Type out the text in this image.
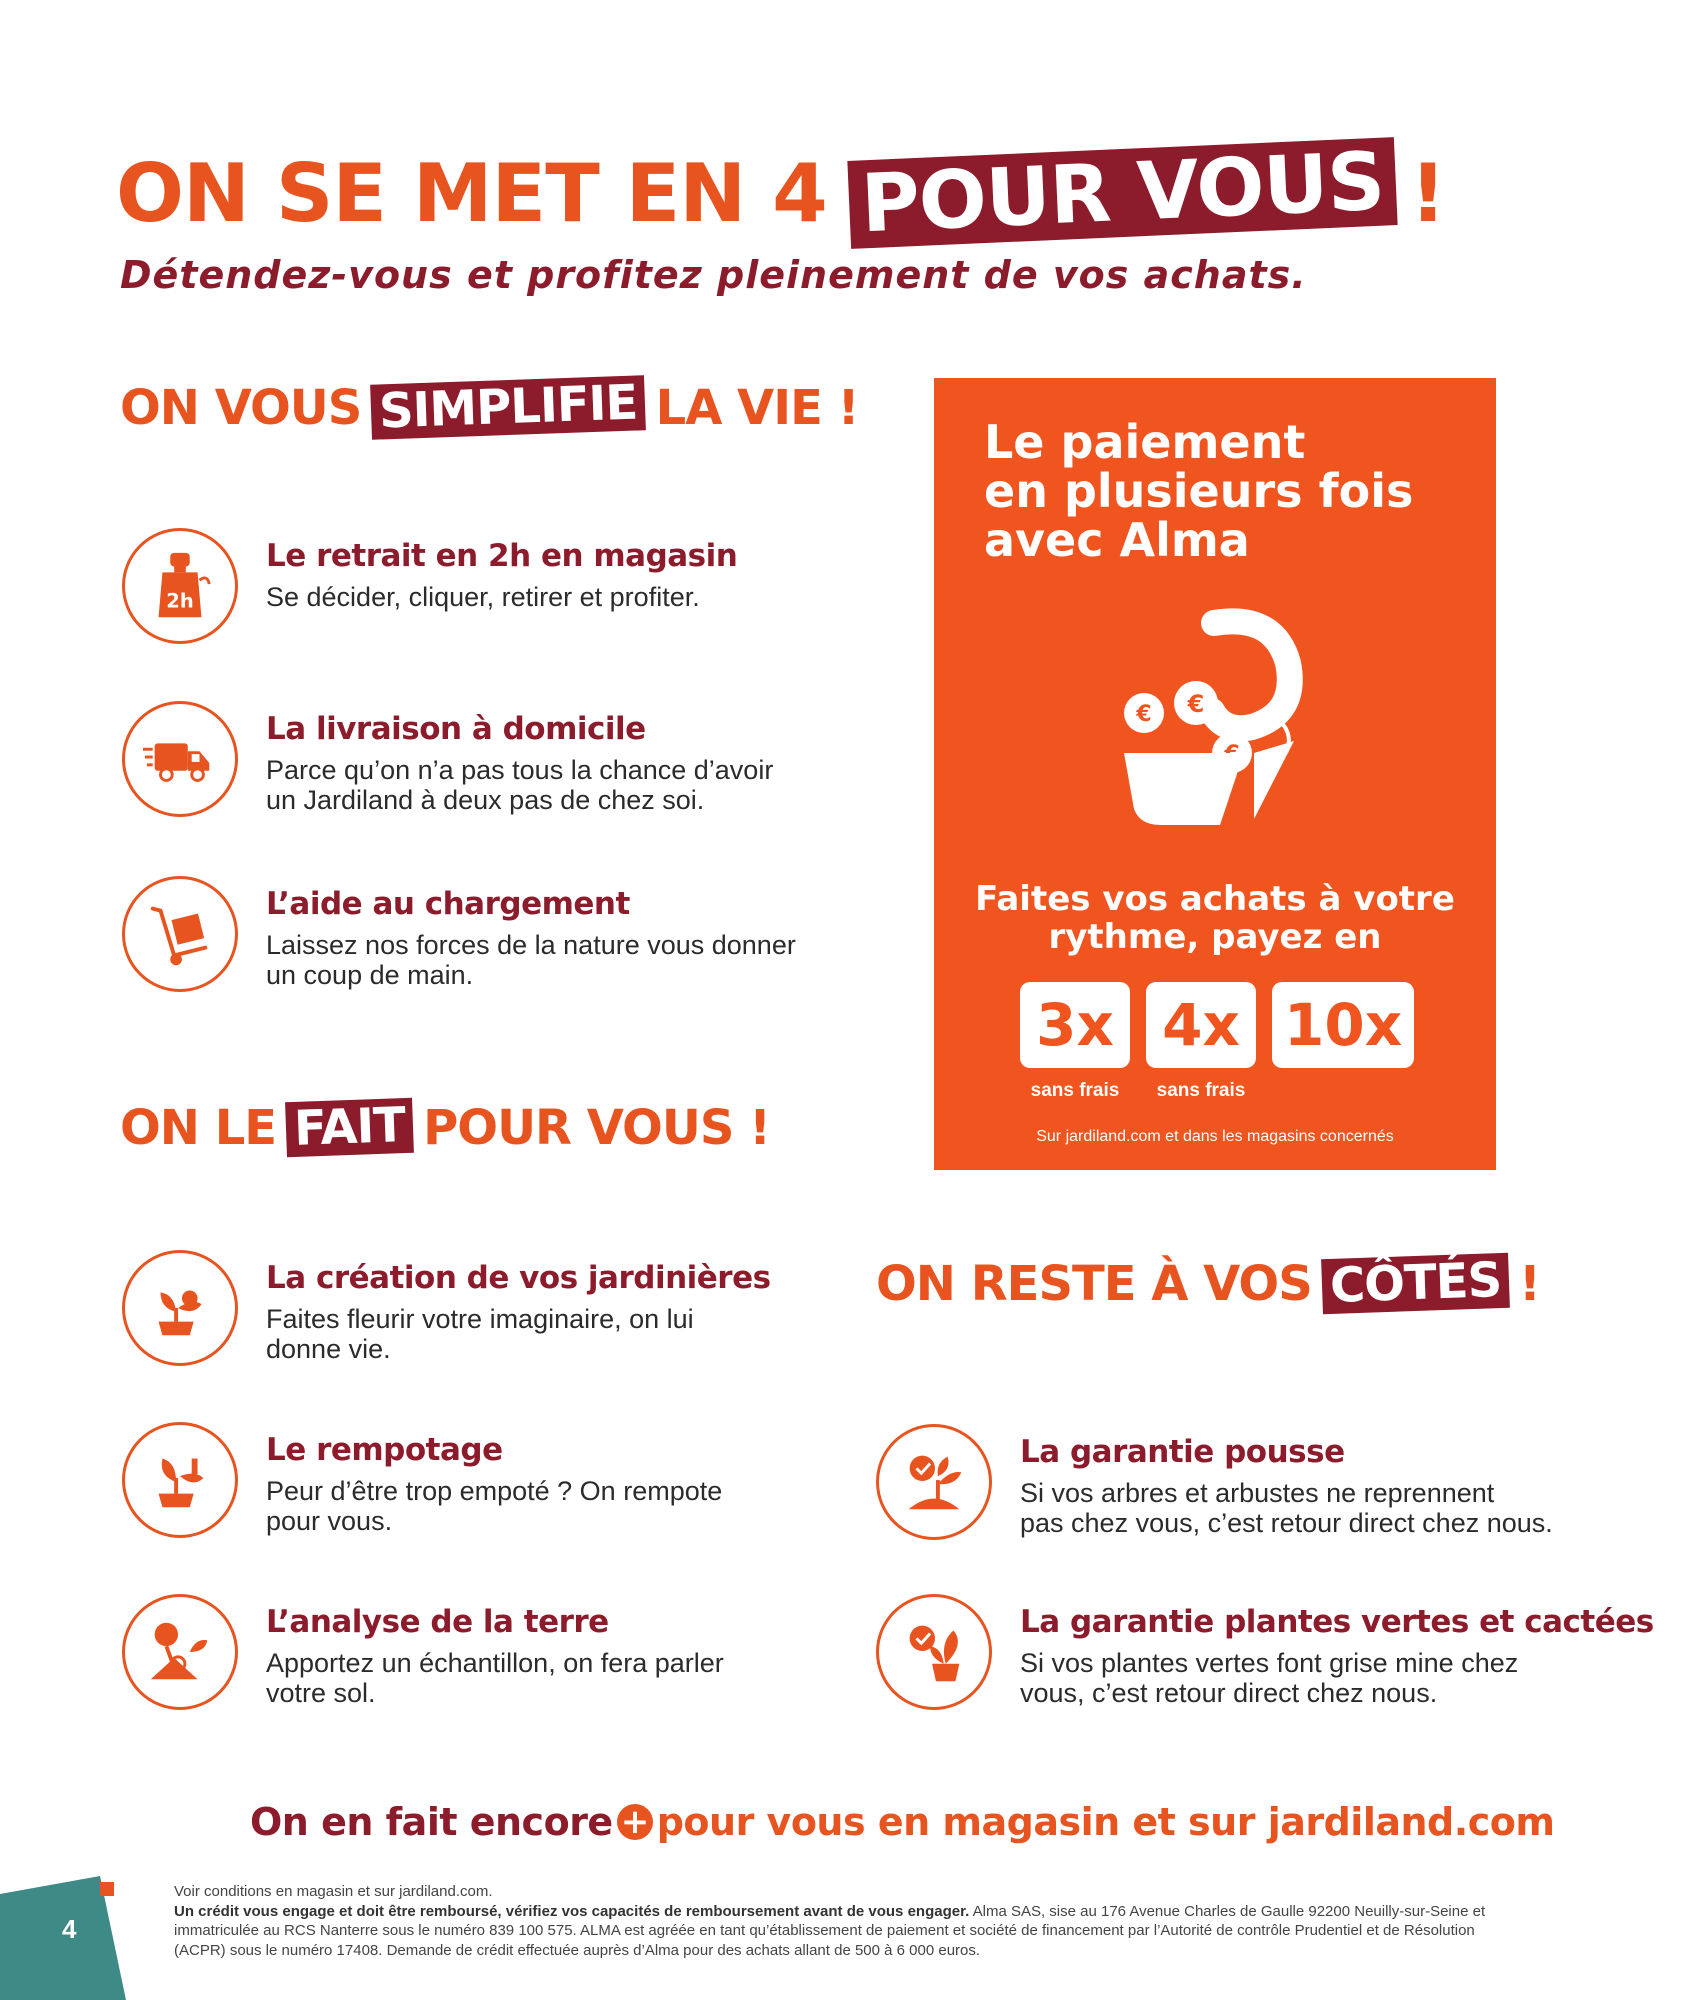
ON SE MET EN 4 POUR VOUS !
Détendez-vous et profitez pleinement de vos achats.
ON VOUS SIMPLIFIE LA VIE !
2h
Le retrait en 2h en magasin
Se décider, cliquer, retirer et profiter.
La livraison à domicile
Parce qu’on n’a pas tous la chance d’avoir
un Jardiland à deux pas de chez soi.
L’aide au chargement
Laissez nos forces de la nature vous donner
un coup de main.
ON LE FAIT POUR VOUS !
La création de vos jardinières
Faites fleurir votre imaginaire, on lui
donne vie.
Le rempotage
Peur d’être trop empoté ? On rempote
pour vous.
L’analyse de la terre
Apportez un échantillon, on fera parler
votre sol.
ON RESTE À VOS CÔTÉS !
La garantie pousse
Si vos arbres et arbustes ne reprennent
pas chez vous, c’est retour direct chez nous.
La garantie plantes vertes et cactées
Si vos plantes vertes font grise mine chez
vous, c’est retour direct chez nous.
Le paiement
en plusieurs fois
avec Alma
€ €
Faites vos achats à votre
rythme, payez en
3x
sans frais
4x
sans frais
10x
Sur jardiland.com et dans les magasins concernés
On en fait encore + pour vous en magasin et sur jardiland.com
Voir conditions en magasin et sur jardiland.com.
Un crédit vous engage et doit être remboursé, vérifiez vos capacités de remboursement avant de vous engager. Alma SAS, sise au 176 Avenue Charles de Gaulle 92200 Neuilly-sur-Seine et immatriculée au RCS Nanterre sous le numéro 839 100 575. ALMA est agréée en tant qu’établissement de paiement et société de financement par l’Autorité de contrôle Prudentiel et de Résolution (ACPR) sous le numéro 17408. Demande de crédit effectuée auprès d’Alma pour des achats allant de 500 à 6 000 euros.
4
